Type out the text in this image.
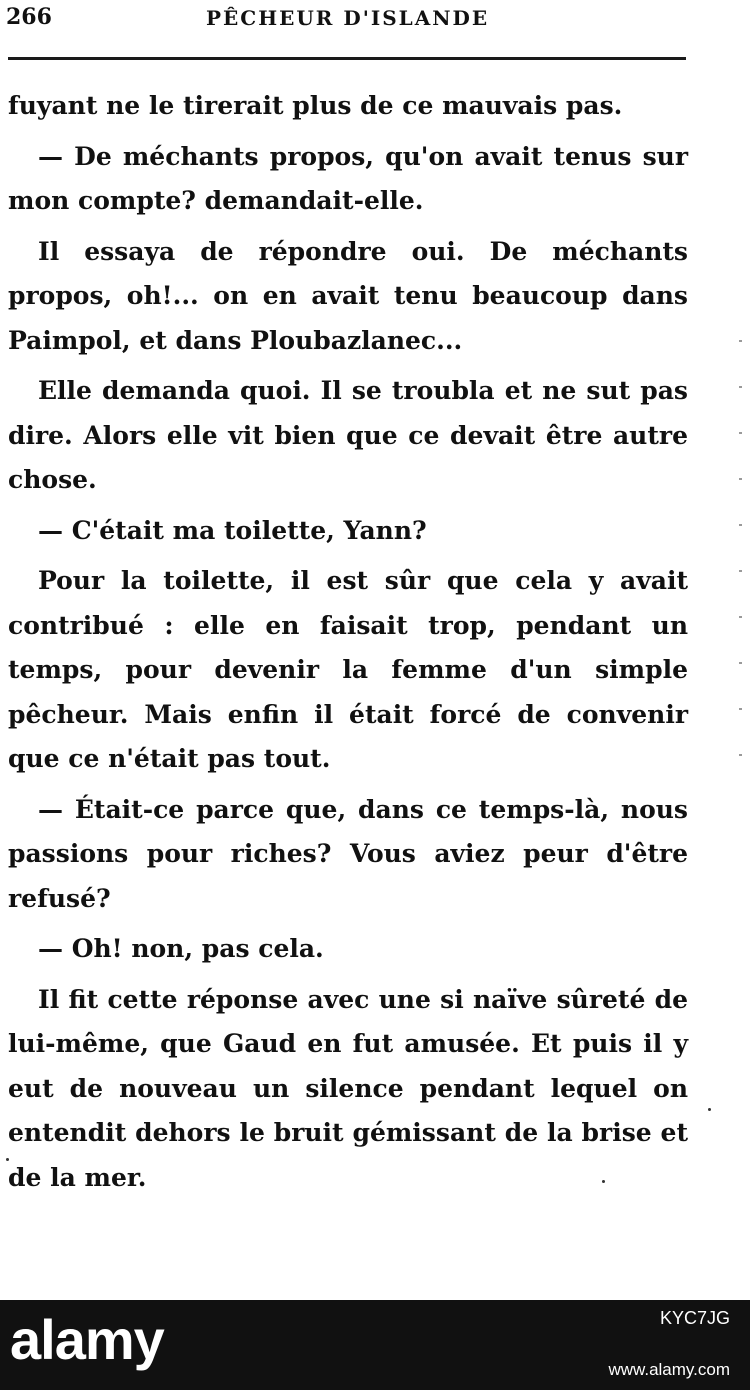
266	PÊCHEUR D'ISLANDE

fuyant ne le tirerait plus de ce mauvais pas.

— De méchants propos, qu'on avait tenus sur mon compte? demandait-elle.

Il essaya de répondre oui. De méchants propos, oh!... on en avait tenu beaucoup dans Paimpol, et dans Ploubazlanec...

Elle demanda quoi. Il se troubla et ne sut pas dire. Alors elle vit bien que ce devait être autre chose.

— C'était ma toilette, Yann?

Pour la toilette, il est sûr que cela y avait contribué : elle en faisait trop, pendant un temps, pour devenir la femme d'un simple pêcheur. Mais enfin il était forcé de convenir que ce n'était pas tout.

— Était-ce parce que, dans ce temps-là, nous passions pour riches? Vous aviez peur d'être refusé?

— Oh! non, pas cela.

Il fit cette réponse avec une si naïve sûreté de lui-même, que Gaud en fut amusée. Et puis il y eut de nouveau un silence pendant lequel on entendit dehors le bruit gémissant de la brise et de la mer.

alamy	KYC7JG
www.alamy.com
